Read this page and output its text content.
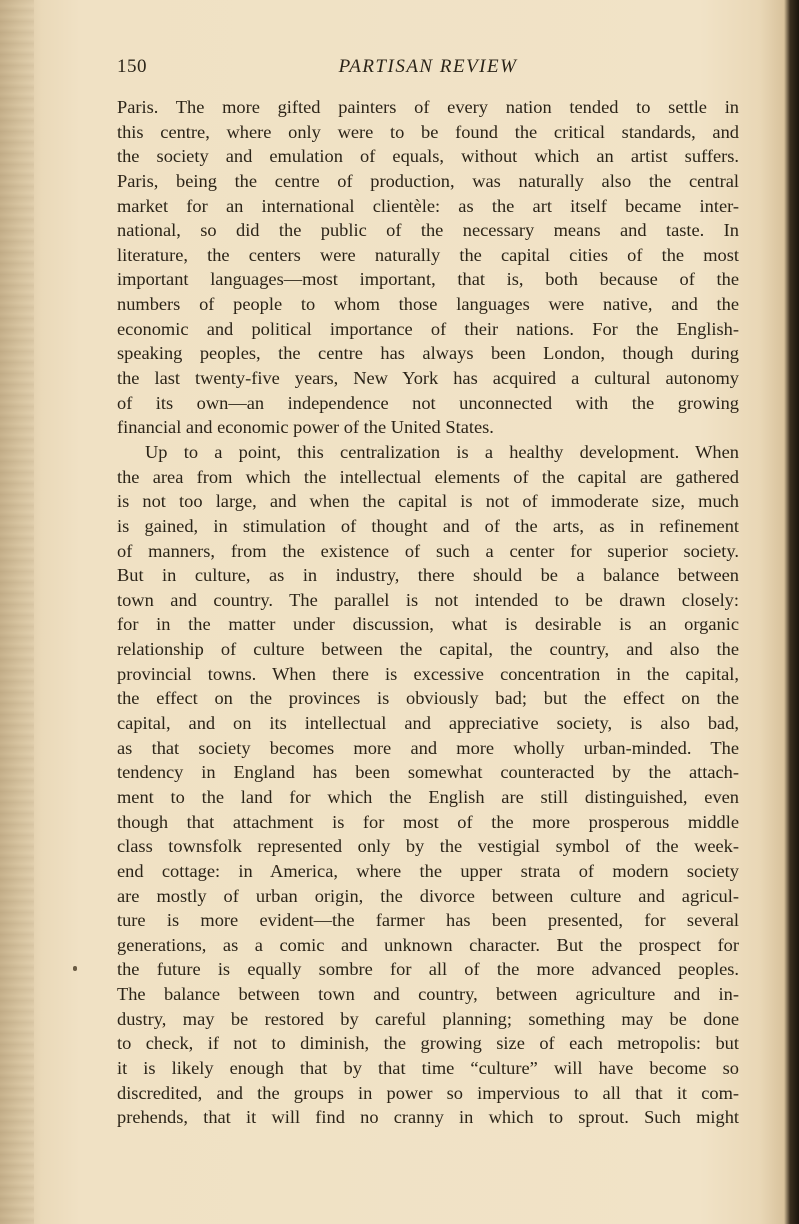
150	PARTISAN REVIEW
Paris. The more gifted painters of every nation tended to settle in
this centre, where only were to be found the critical standards, and
the society and emulation of equals, without which an artist suffers.
Paris, being the centre of production, was naturally also the central
market for an international clientèle: as the art itself became inter-
national, so did the public of the necessary means and taste. In
literature, the centers were naturally the capital cities of the most
important languages—most important, that is, both because of the
numbers of people to whom those languages were native, and the
economic and political importance of their nations. For the English-
speaking peoples, the centre has always been London, though during
the last twenty-five years, New York has acquired a cultural autonomy
of its own—an independence not unconnected with the growing
financial and economic power of the United States.
Up to a point, this centralization is a healthy development. When
the area from which the intellectual elements of the capital are gathered
is not too large, and when the capital is not of immoderate size, much
is gained, in stimulation of thought and of the arts, as in refinement
of manners, from the existence of such a center for superior society.
But in culture, as in industry, there should be a balance between
town and country. The parallel is not intended to be drawn closely:
for in the matter under discussion, what is desirable is an organic
relationship of culture between the capital, the country, and also the
provincial towns. When there is excessive concentration in the capital,
the effect on the provinces is obviously bad; but the effect on the
capital, and on its intellectual and appreciative society, is also bad,
as that society becomes more and more wholly urban-minded. The
tendency in England has been somewhat counteracted by the attach-
ment to the land for which the English are still distinguished, even
though that attachment is for most of the more prosperous middle
class townsfolk represented only by the vestigial symbol of the week-
end cottage: in America, where the upper strata of modern society
are mostly of urban origin, the divorce between culture and agricul-
ture is more evident—the farmer has been presented, for several
generations, as a comic and unknown character. But the prospect for
the future is equally sombre for all of the more advanced peoples.
The balance between town and country, between agriculture and in-
dustry, may be restored by careful planning; something may be done
to check, if not to diminish, the growing size of each metropolis: but
it is likely enough that by that time “culture” will have become so
discredited, and the groups in power so impervious to all that it com-
prehends, that it will find no cranny in which to sprout. Such might
